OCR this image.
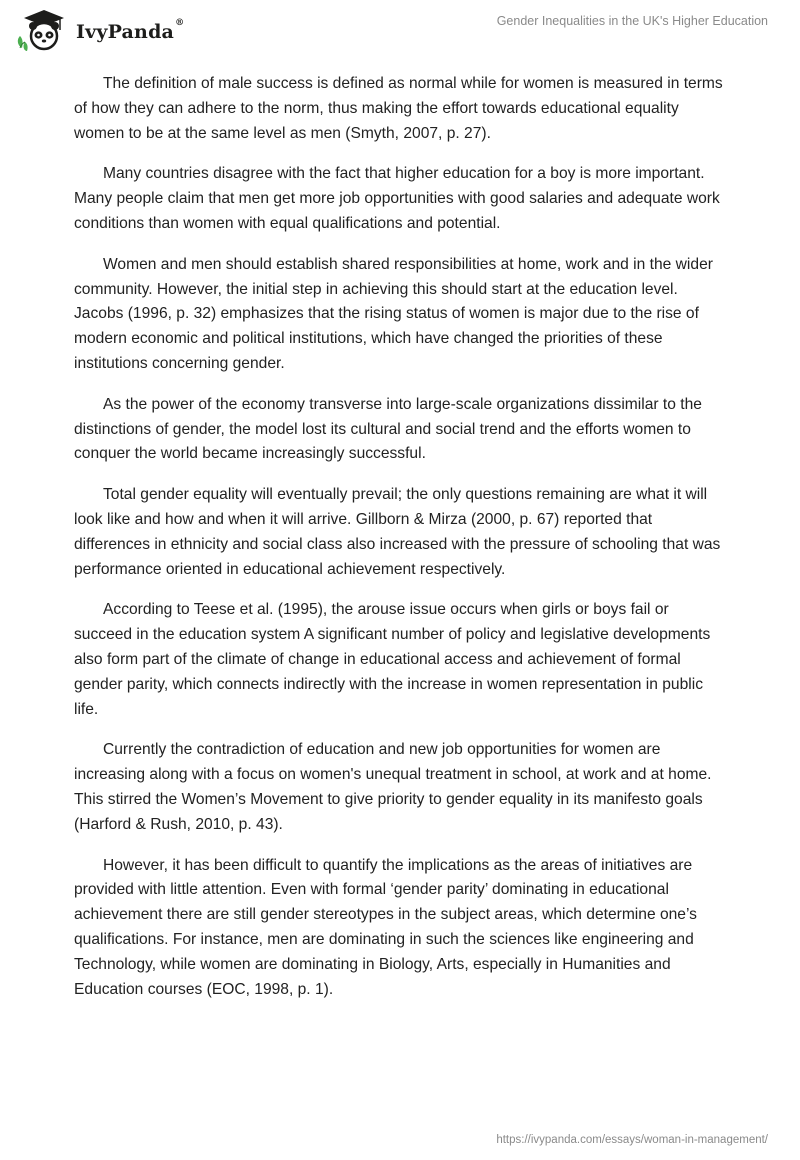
IvyPanda®	Gender Inequalities in the UK's Higher Education

The definition of male success is defined as normal while for women is measured in terms of how they can adhere to the norm, thus making the effort towards educational equality women to be at the same level as men (Smyth, 2007, p. 27).

Many countries disagree with the fact that higher education for a boy is more important. Many people claim that men get more job opportunities with good salaries and adequate work conditions than women with equal qualifications and potential.

Women and men should establish shared responsibilities at home, work and in the wider community. However, the initial step in achieving this should start at the education level. Jacobs (1996, p. 32) emphasizes that the rising status of women is major due to the rise of modern economic and political institutions, which have changed the priorities of these institutions concerning gender.

As the power of the economy transverse into large-scale organizations dissimilar to the distinctions of gender, the model lost its cultural and social trend and the efforts women to conquer the world became increasingly successful.

Total gender equality will eventually prevail; the only questions remaining are what it will look like and how and when it will arrive. Gillborn & Mirza (2000, p. 67) reported that differences in ethnicity and social class also increased with the pressure of schooling that was performance oriented in educational achievement respectively.

According to Teese et al. (1995), the arouse issue occurs when girls or boys fail or succeed in the education system A significant number of policy and legislative developments also form part of the climate of change in educational access and achievement of formal gender parity, which connects indirectly with the increase in women representation in public life.

Currently the contradiction of education and new job opportunities for women are increasing along with a focus on women's unequal treatment in school, at work and at home. This stirred the Women’s Movement to give priority to gender equality in its manifesto goals (Harford & Rush, 2010, p. 43).

However, it has been difficult to quantify the implications as the areas of initiatives are provided with little attention. Even with formal ‘gender parity’ dominating in educational achievement there are still gender stereotypes in the subject areas, which determine one’s qualifications. For instance, men are dominating in such the sciences like engineering and Technology, while women are dominating in Biology, Arts, especially in Humanities and Education courses (EOC, 1998, p. 1).

https://ivypanda.com/essays/woman-in-management/
